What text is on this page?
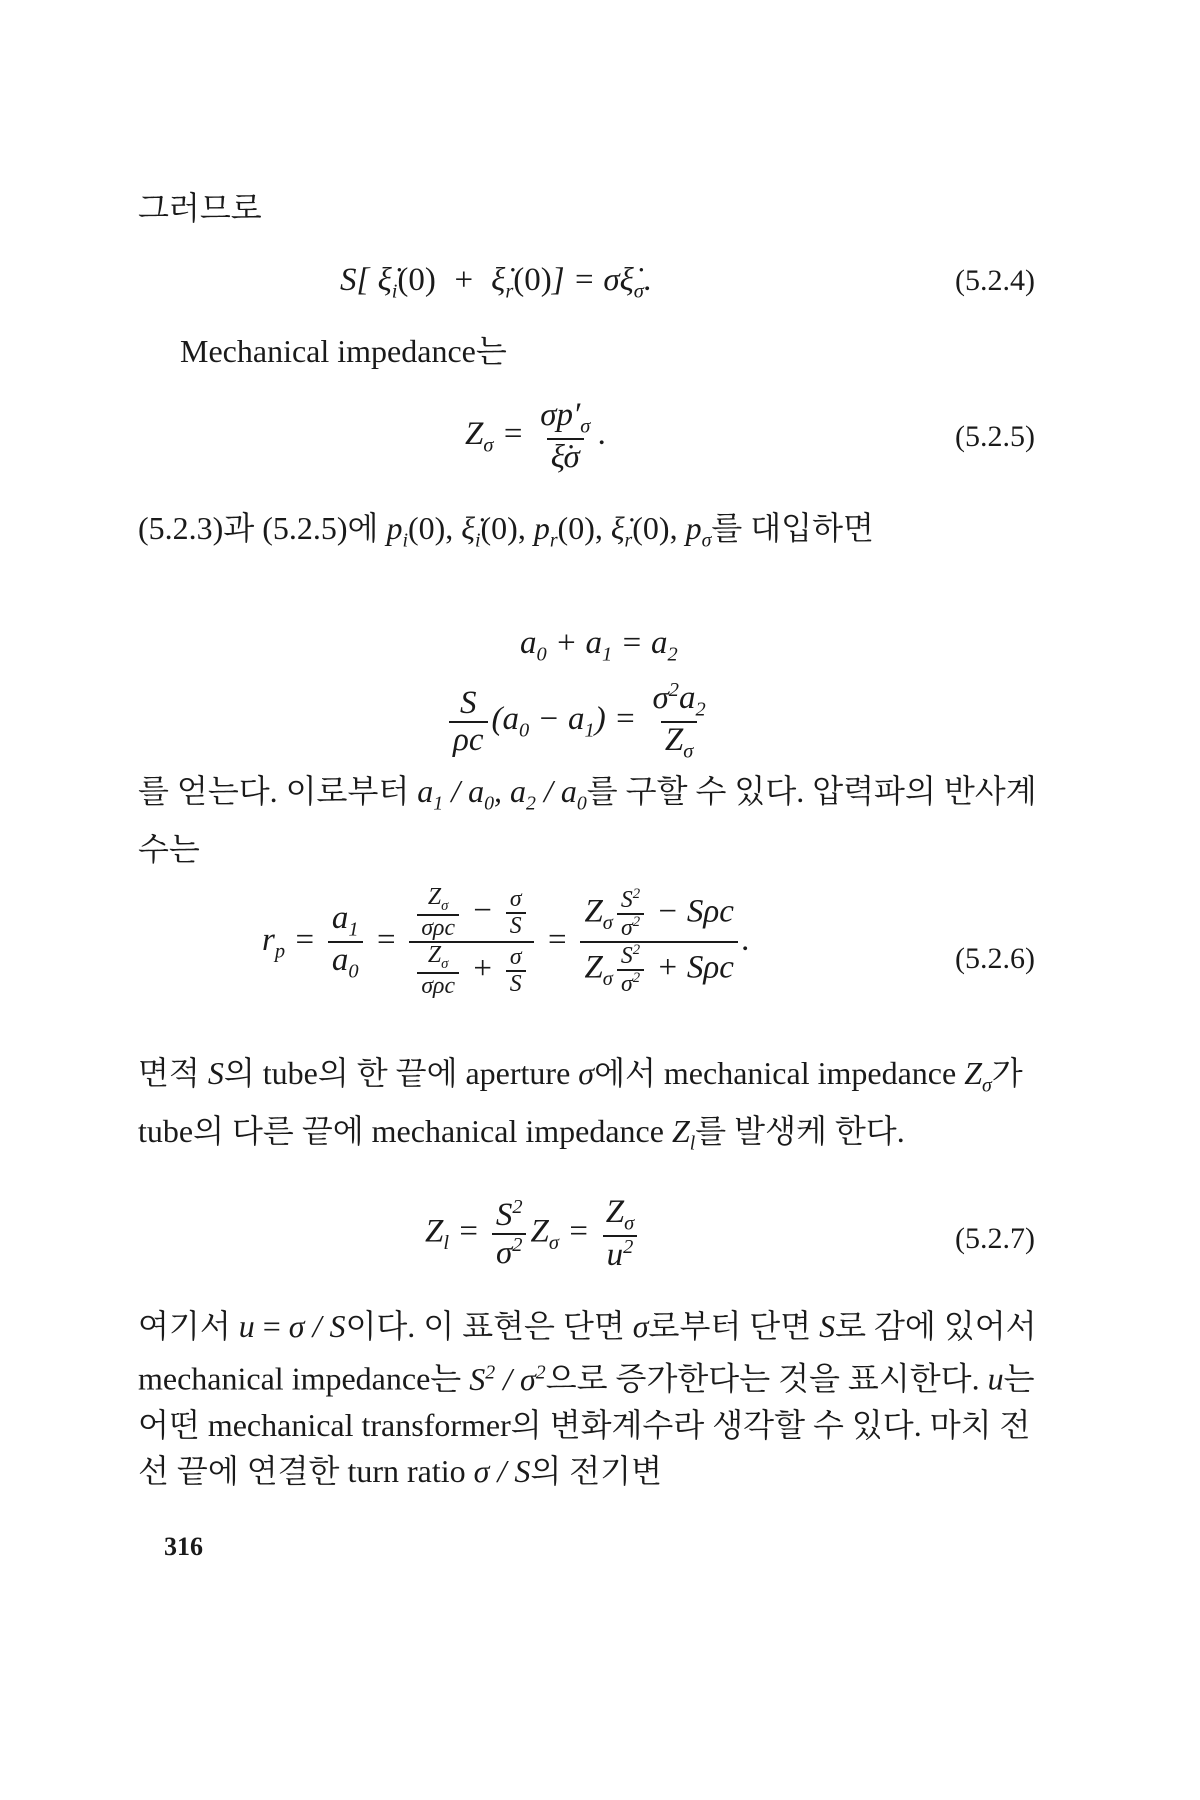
그러므로
S[ $\xi̇_i(0)$  +  $\xi̇_r(0)$] = $\sigma\xi̇_\sigma$.	(5.2.4)
Mechanical impedance는
$Z_\sigma = \frac{\sigma p'_\sigma}{\xi̇\sigma}$ .	(5.2.5)
(5.2.3)과 (5.2.5)에 $p_i(0)$, $\xi̇_i(0)$, $p_r(0)$, $\xi̇_r(0)$, $p_\sigma$를 대입하면
$a_0 + a_1 = a_2$
$\frac{S}{\rho c} (a_0 - a_1) = \frac{\sigma^2a_2}{Z_\sigma}$
를 얻는다. 이로부터 $a_1 / a_0$, $a_2 / a_0$를 구할 수 있다. 압력파의 반사계수는
$r_p = \frac{a_1}{a_0} = \frac{\frac{Z_\sigma}{\text{σρc}} - \frac{\sigma}{S}}{\frac{Z_\sigma}{\text{σρc}} + \frac{\sigma}{S}} = \frac{Z_\sigma \frac{S^2}{\sigma^2} - S\rho c}{Z_\sigma \frac{S^2}{\sigma^2} + S\rho c}$ .
(5.2.6)
면적 S의 tube의 한 끝에 aperture σ에서 mechanical impedance $Z_\sigma$가 tube의 다른 끝에 mechanical impedance $Z_l$를 발생케 한다.
$Z_l = \frac{S^2}{\sigma^2} Z_\sigma = \frac{Z_\sigma}{u^2}$	(5.2.7)
여기서 u = σ / S이다. 이 표현은 단면 σ로부터 단면 S로 감에 있어서 mechanical impedance는 $S^2 / \sigma^2$으로 증가한다는 것을 표시한다. u는 어떤 mechanical transformer의 변화계수라 생각할 수 있다. 마치 전선 끝에 연결한 turn ratio σ / S의 전기변
316
